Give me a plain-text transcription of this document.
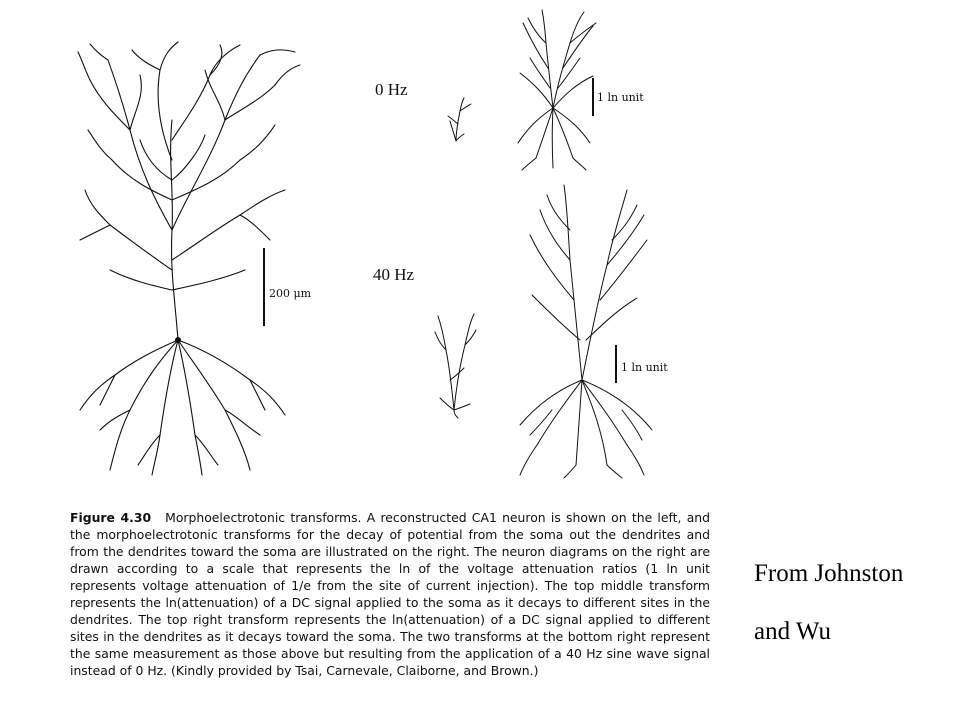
200 μm
0 Hz
40 Hz
1 ln unit
1 ln unit
Figure 4.30 Morphoelectrotonic transforms. A reconstructed CA1 neuron is shown on the left, and the morphoelectrotonic transforms for the decay of potential from the soma out the dendrites and from the dendrites toward the soma are illustrated on the right. The neuron diagrams on the right are drawn according to a scale that represents the ln of the voltage attenuation ratios (1 ln unit represents voltage attenuation of 1/e from the site of current injection). The top middle transform represents the ln(attenuation) of a DC signal applied to the soma as it decays to different sites in the dendrites. The top right transform represents the ln(attenuation) of a DC signal applied to different sites in the dendrites as it decays toward the soma. The two transforms at the bottom right represent the same measurement as those above but resulting from the application of a 40 Hz sine wave signal instead of 0 Hz. (Kindly provided by Tsai, Carnevale, Claiborne, and Brown.)
From Johnston
and Wu
